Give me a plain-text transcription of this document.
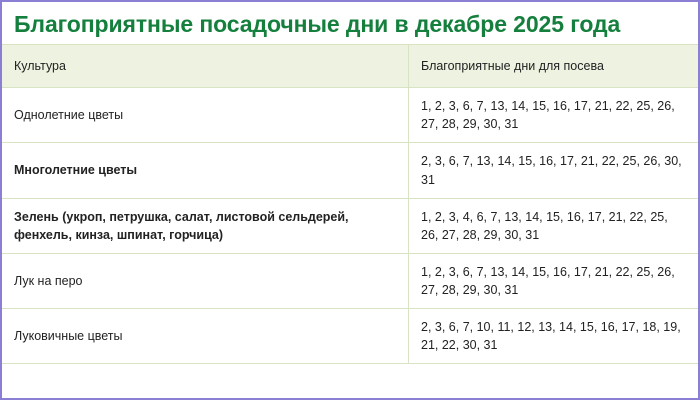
Благоприятные посадочные дни в декабре 2025 года
Культура	Благоприятные дни для посева
Однолетние цветы	1, 2, 3, 6, 7, 13, 14, 15, 16, 17, 21, 22, 25, 26, 27, 28, 29, 30, 31
Многолетние цветы	2, 3, 6, 7, 13, 14, 15, 16, 17, 21, 22, 25, 26, 30, 31
Зелень (укроп, петрушка, салат, листовой сельдерей, фенхель, кинза, шпинат, горчица)	1, 2, 3, 4, 6, 7, 13, 14, 15, 16, 17, 21, 22, 25, 26, 27, 28, 29, 30, 31
Лук на перо	1, 2, 3, 6, 7, 13, 14, 15, 16, 17, 21, 22, 25, 26, 27, 28, 29, 30, 31
Луковичные цветы	2, 3, 6, 7, 10, 11, 12, 13, 14, 15, 16, 17, 18, 19, 21, 22, 30, 31
